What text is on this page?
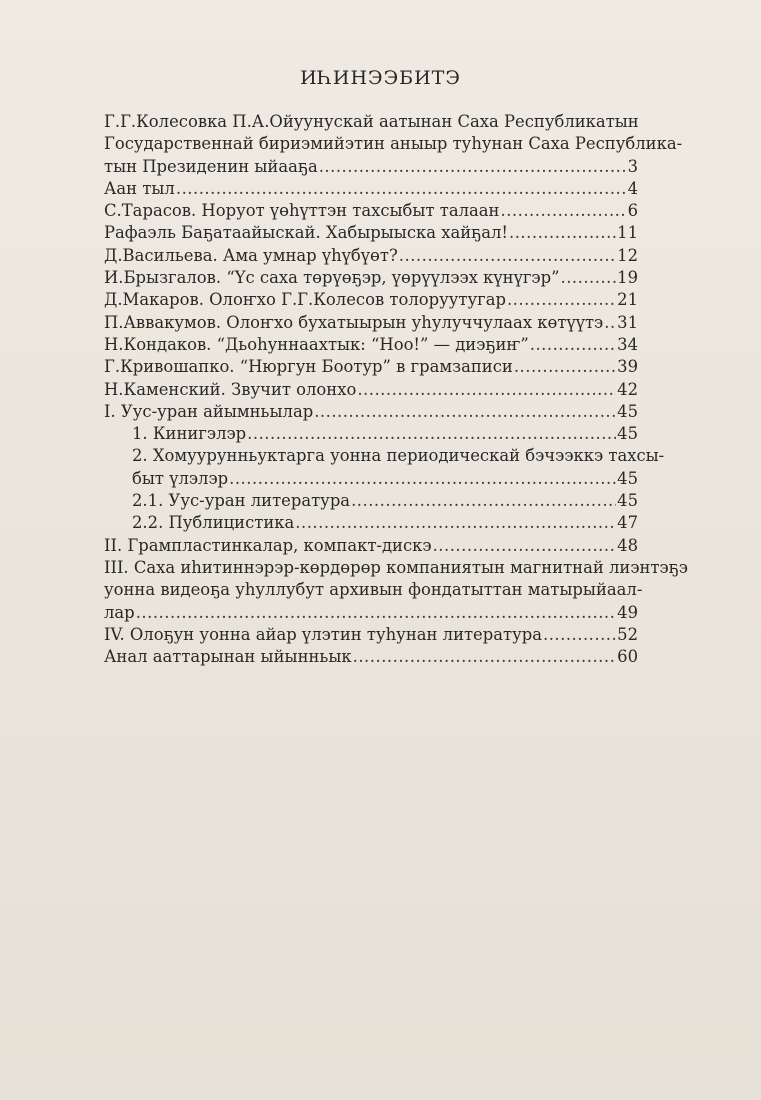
ИҺИНЭЭБИТЭ
Г.Г.Колесовка П.А.Ойуунускай аатынан Саха Республикатын
Государственнай бириэмийэтин аныыр туһунан Саха Республика-
тын Президенин ыйааҕа .....	3
Аан тыл .....	4
С.Тарасов. Норуот үөһүттэн тахсыбыт талаан .....	6
Рафаэль Баҕатаайыскай. Хабырыыска хайҕал! .....	11
Д.Васильева. Ама умнар үһүбүөт? .....	12
И.Брызгалов. “Үс саха төрүөҕэр, үөрүүлээх күнүгэр” .....	19
Д.Макаров. Олоҥхо Г.Г.Колесов толоруутугар .....	21
П.Аввакумов. Олоҥхо бухатыырын уһулуччулаах көтүүтэ ..... 31
Н.Кондаков. “Дьоһуннаахтык: “Ноо!” — диэҕиҥ” .....	34
Г.Кривошапко. “Нюргун Боотур” в грамзаписи .....	39
Н.Каменский. Звучит олонхо .....	42
I. Уус-уран айымньылар .....	45
1. Кинигэлэр .....	45
2. Хомуурунньуктарга уонна периодическай бэчээккэ тахсы-
быт үлэлэр .....	45
2.1. Уус-уран литература .....	45
2.2. Публицистика .....	47
II. Грампластинкалар, компакт-дискэ .....	48
III. Саха иһитиннэрэр-көрдөрөр компаниятын магнитнай лиэнтэҕэ
уонна видеоҕа уһуллубут архивын фондатыттан матырыйаал-
лар .....	49
IV. Oлоҕун уонна айар үлэтин туһунан литература .....	52
Анал ааттарынан ыйынньык .....	60
